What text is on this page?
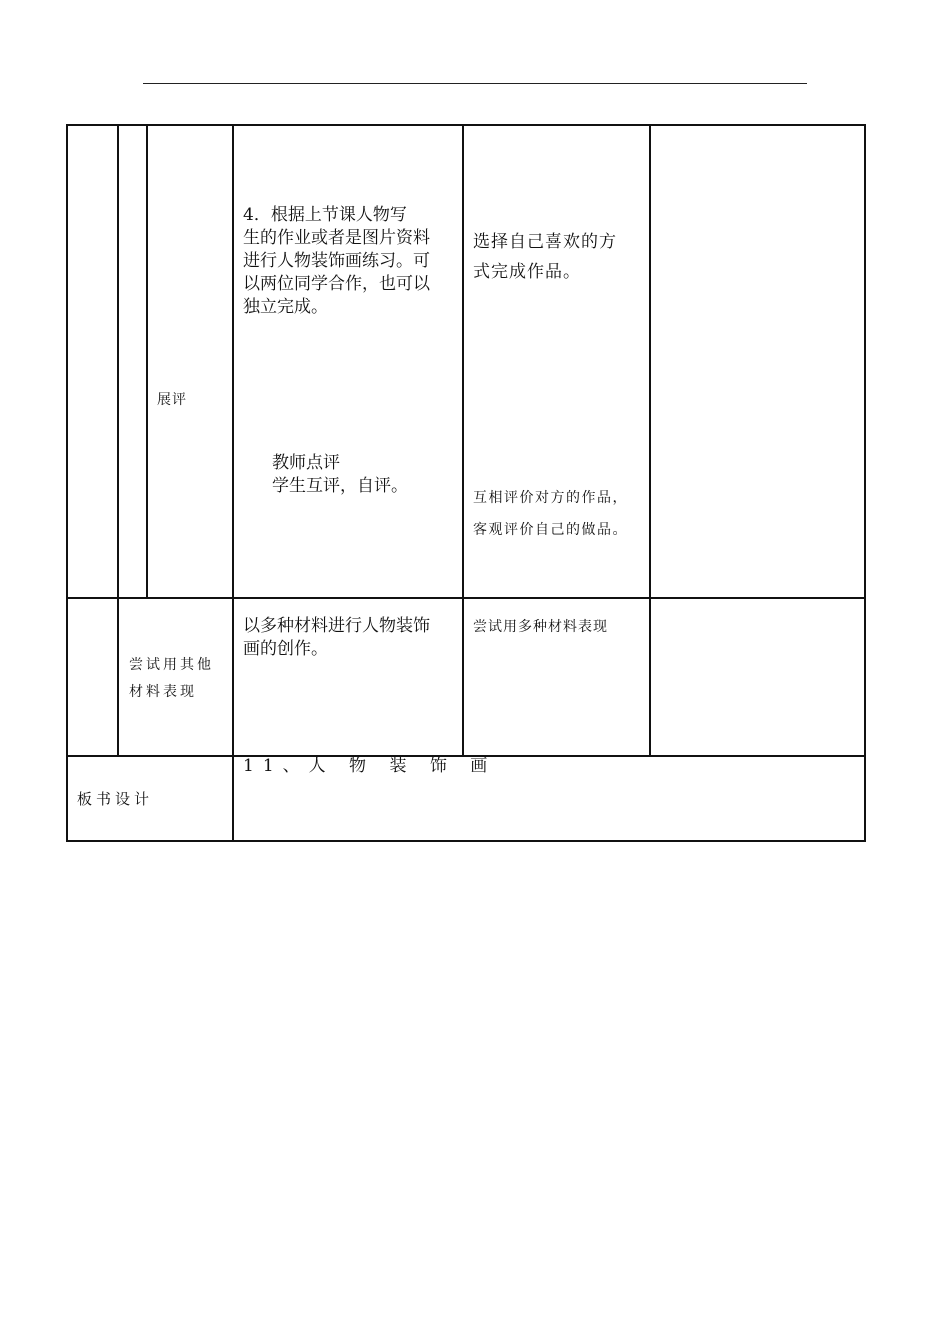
展评
4．根据上节课人物写
生的作业或者是图片资料
进行人物装饰画练习。可
以两位同学合作，也可以
独立完成。
教师点评
学生互评，自评。
选择自己喜欢的方
式完成作品。
互相评价对方的作品，
客观评价自己的做品。
尝试用其他
材料表现
以多种材料进行人物装饰
画的创作。
尝试用多种材料表现
板书设计
11、人 物 装 饰 画
